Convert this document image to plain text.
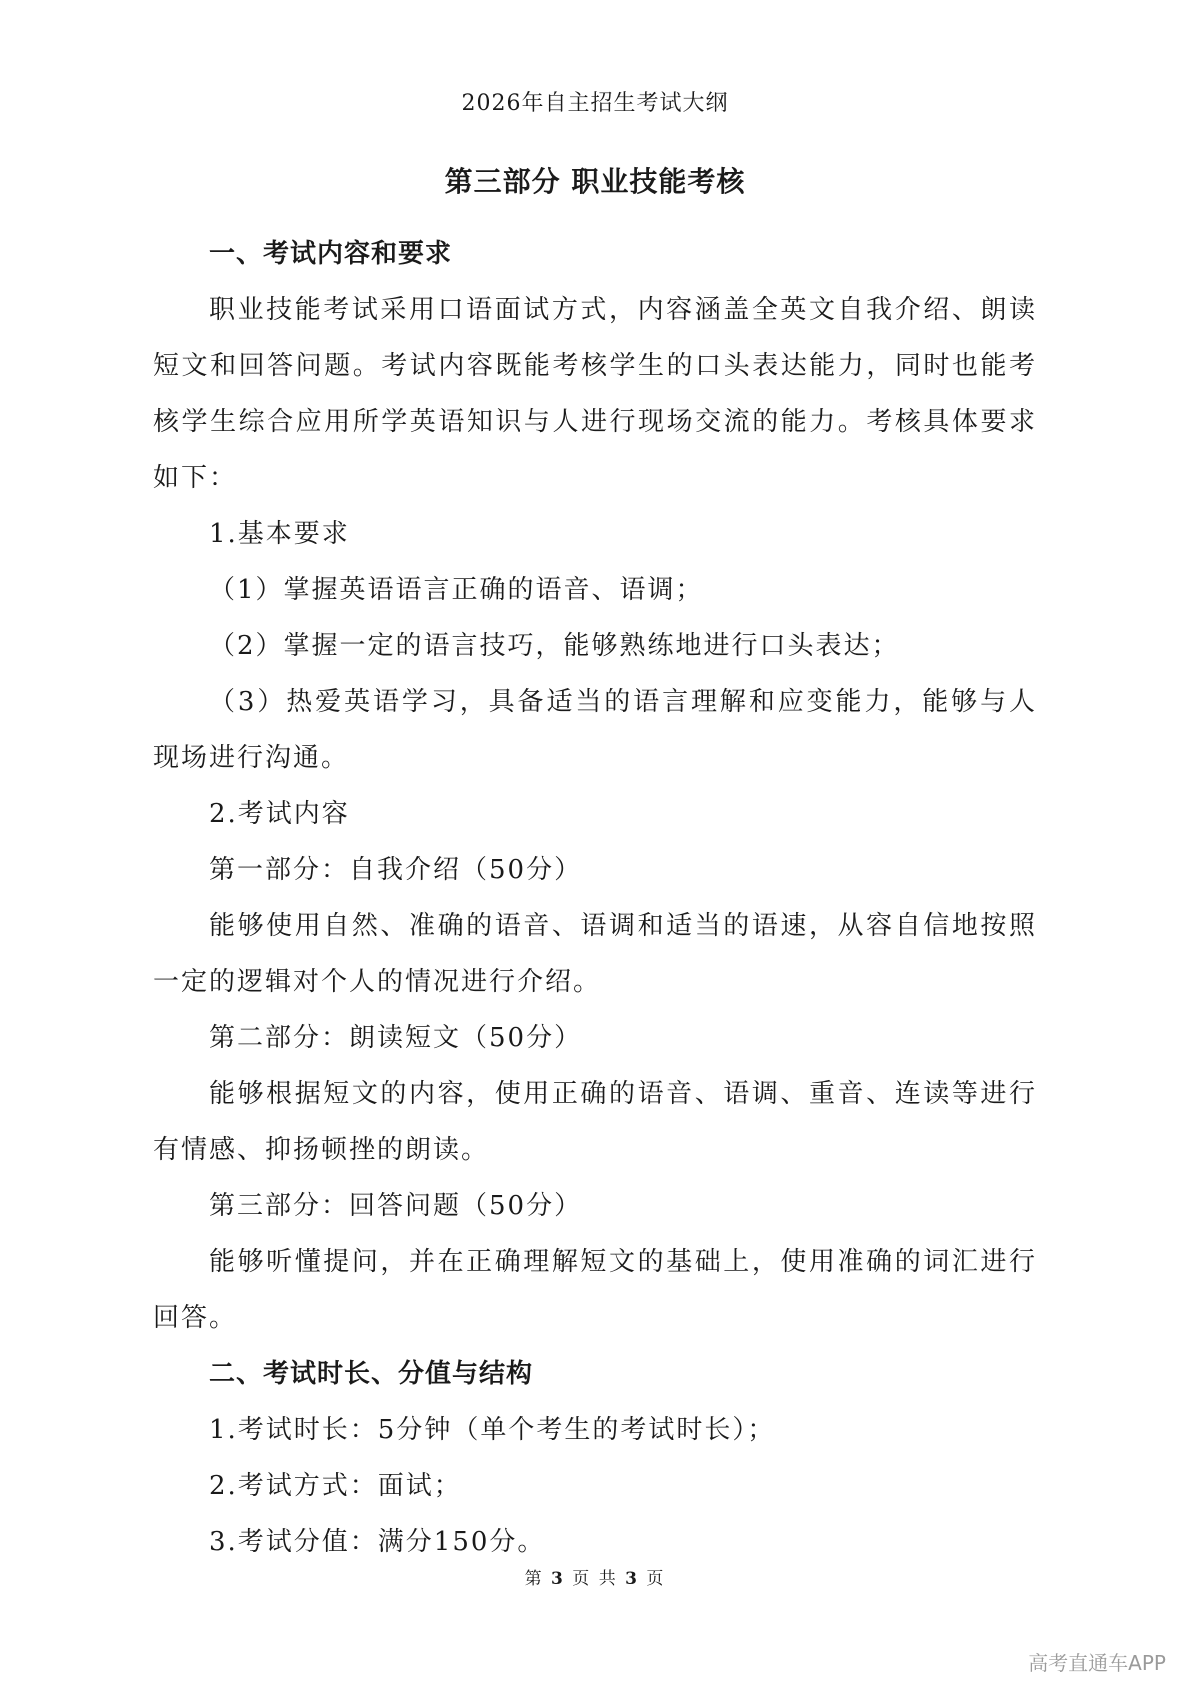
2026年自主招生考试大纲
第三部分 职业技能考核

一、考试内容和要求

职业技能考试采用口语面试方式，内容涵盖全英文自我介绍、朗读短文和回答问题。考试内容既能考核学生的口头表达能力，同时也能考核学生综合应用所学英语知识与人进行现场交流的能力。考核具体要求如下：

1.基本要求

（1）掌握英语语言正确的语音、语调；

（2）掌握一定的语言技巧，能够熟练地进行口头表达；

（3）热爱英语学习，具备适当的语言理解和应变能力，能够与人现场进行沟通。

2.考试内容

第一部分：自我介绍（50分）

能够使用自然、准确的语音、语调和适当的语速，从容自信地按照一定的逻辑对个人的情况进行介绍。

第二部分：朗读短文（50分）

能够根据短文的内容，使用正确的语音、语调、重音、连读等进行有情感、抑扬顿挫的朗读。

第三部分：回答问题（50分）

能够听懂提问，并在正确理解短文的基础上，使用准确的词汇进行回答。

二、考试时长、分值与结构

1.考试时长：5分钟（单个考生的考试时长）；

2.考试方式：面试；

3.考试分值：满分150分。

第 3 页 共 3 页
高考直通车APP
